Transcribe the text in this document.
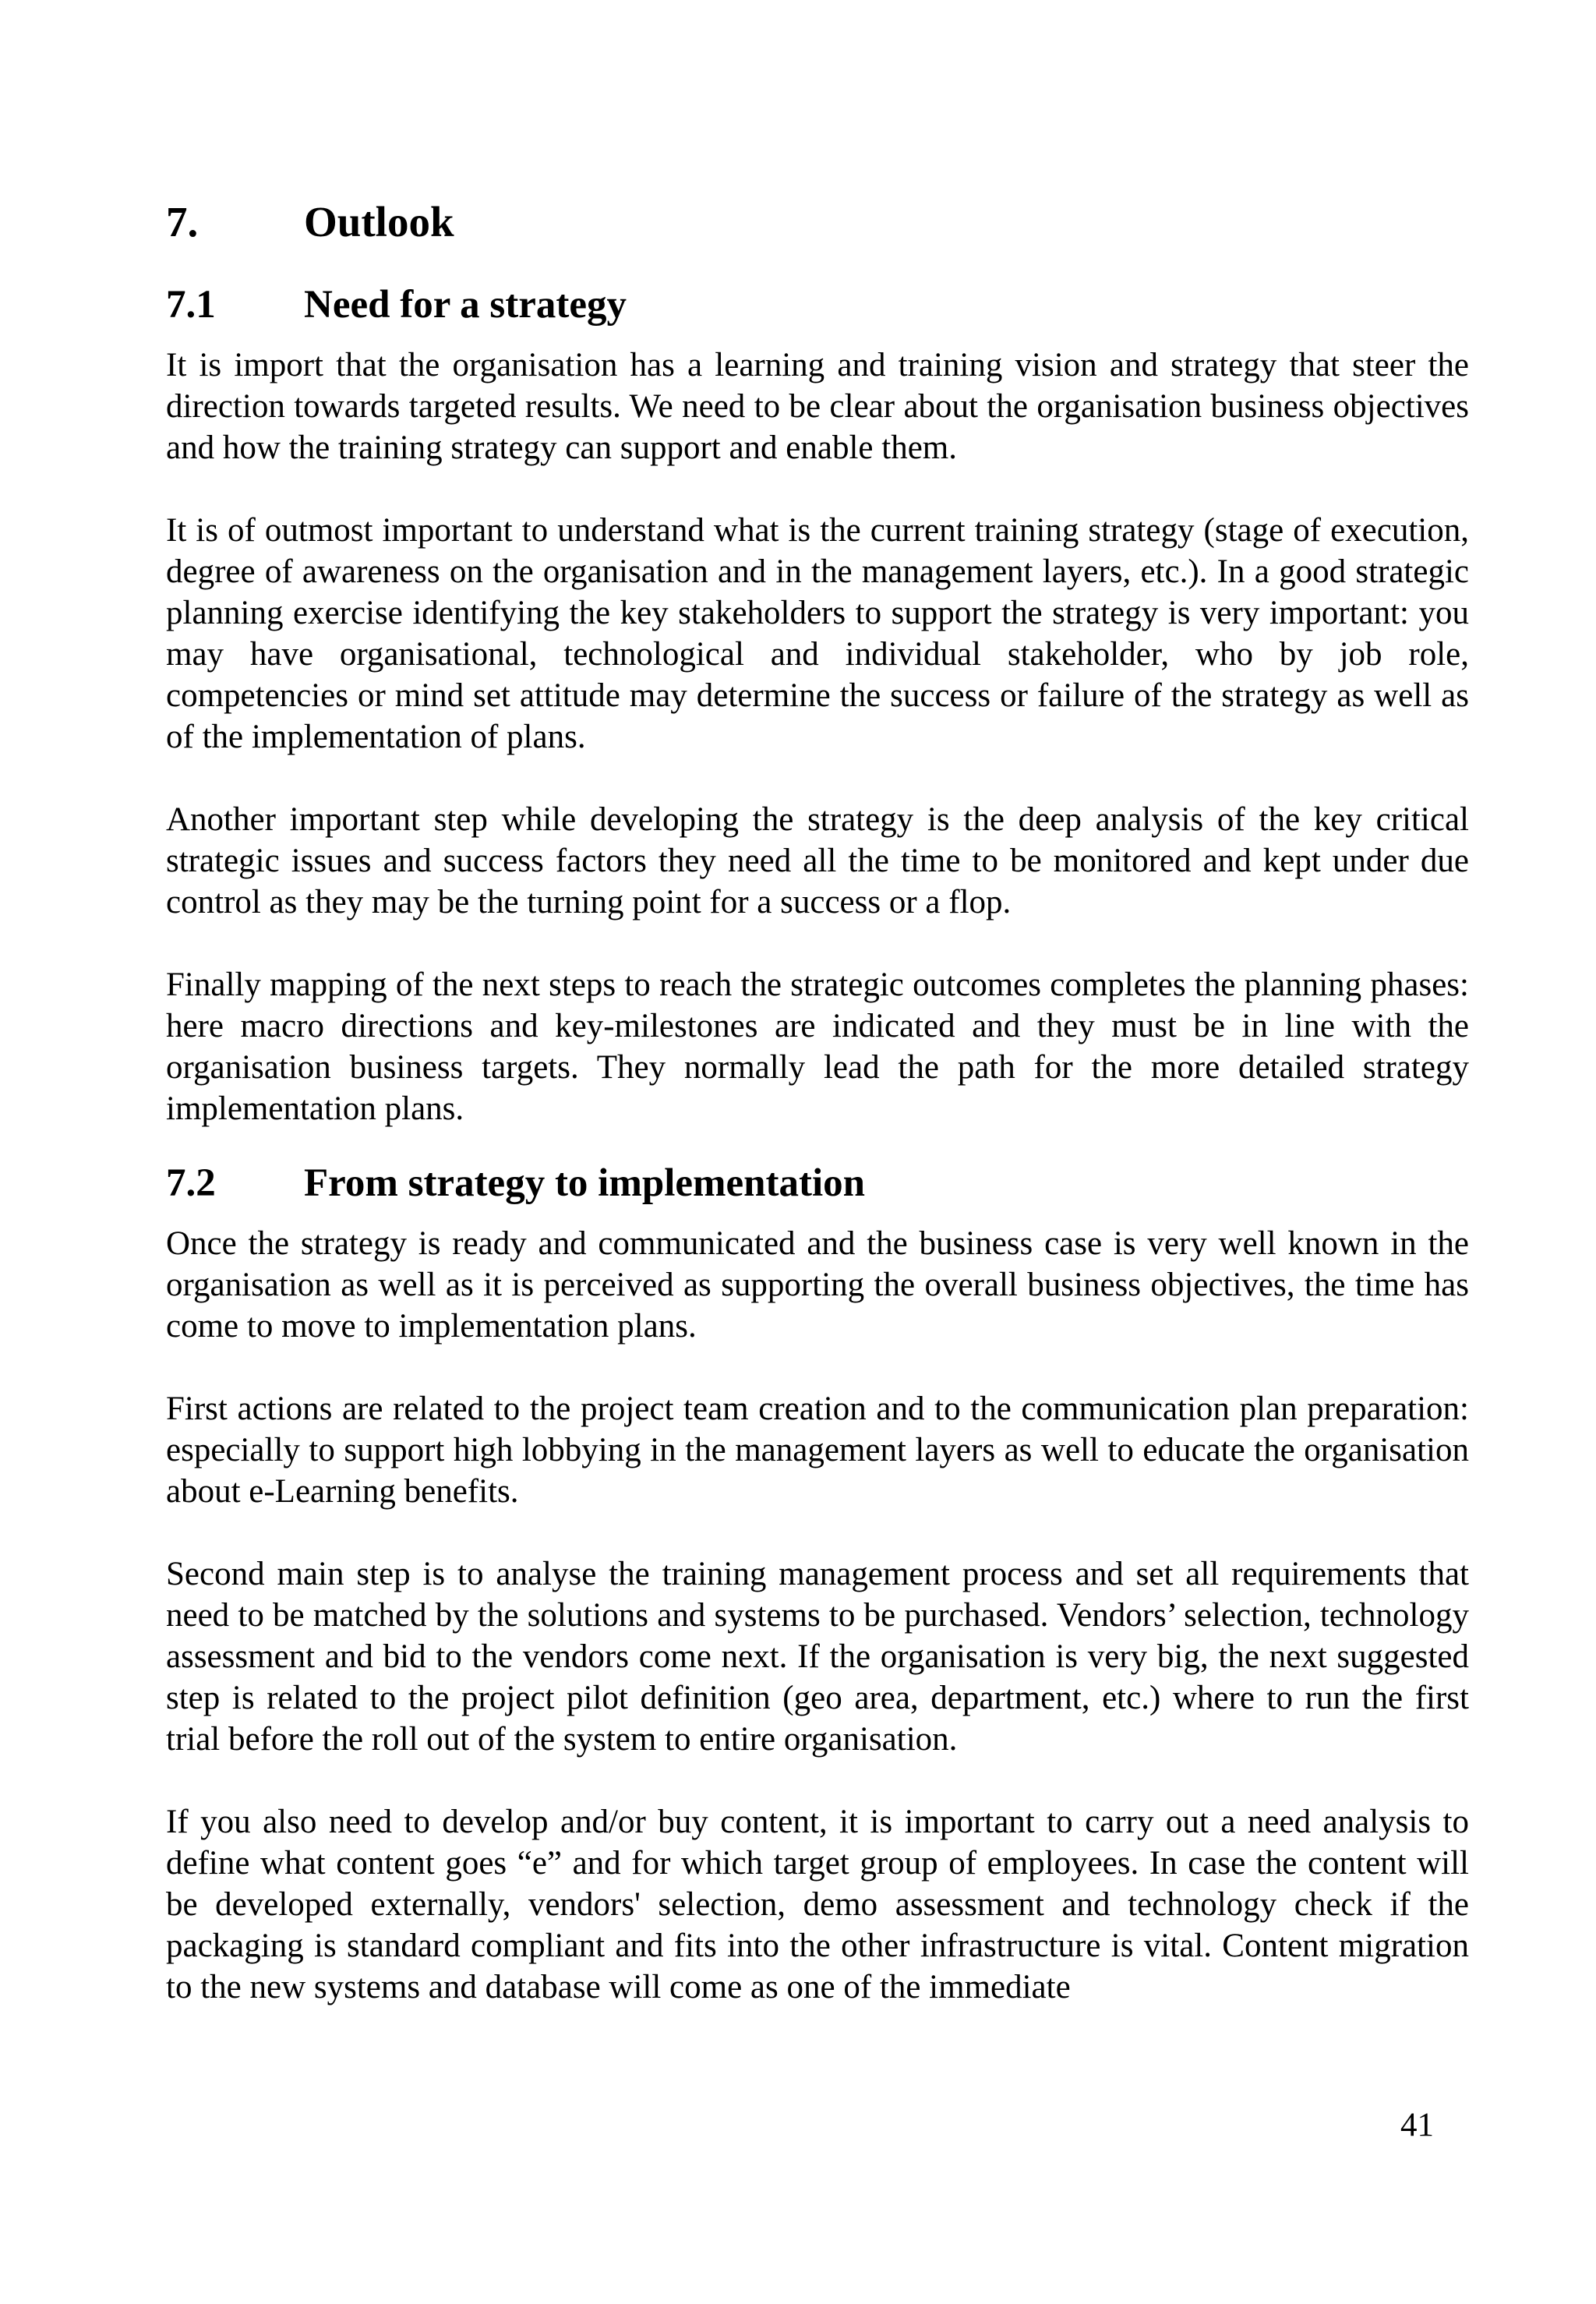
7. Outlook
7.1 Need for a strategy

It is import that the organisation has a learning and training vision and strategy that steer the direction towards targeted results. We need to be clear about the organisation business objectives and how the training strategy can support and enable them.

It is of outmost important to understand what is the current training strategy (stage of execution, degree of awareness on the organisation and in the management layers, etc.). In a good strategic planning exercise identifying the key stakeholders to support the strategy is very important: you may have organisational, technological and individual stakeholder, who by job role, competencies or mind set attitude may determine the success or failure of the strategy as well as of the implementation of plans.

Another important step while developing the strategy is the deep analysis of the key critical strategic issues and success factors they need all the time to be monitored and kept under due control as they may be the turning point for a success or a flop.

Finally mapping of the next steps to reach the strategic outcomes completes the planning phases: here macro directions and key-milestones are indicated and they must be in line with the organisation business targets. They normally lead the path for the more detailed strategy implementation plans.

7.2 From strategy to implementation

Once the strategy is ready and communicated and the business case is very well known in the organisation as well as it is perceived as supporting the overall business objectives, the time has come to move to implementation plans.

First actions are related to the project team creation and to the communication plan preparation: especially to support high lobbying in the management layers as well to educate the organisation about e-Learning benefits.

Second main step is to analyse the training management process and set all requirements that need to be matched by the solutions and systems to be purchased. Vendors’ selection, technology assessment and bid to the vendors come next. If the organisation is very big, the next suggested step is related to the project pilot definition (geo area, department, etc.) where to run the first trial before the roll out of the system to entire organisation.

If you also need to develop and/or buy content, it is important to carry out a need analysis to define what content goes “e” and for which target group of employees. In case the content will be developed externally, vendors' selection, demo assessment and technology check if the packaging is standard compliant and fits into the other infrastructure is vital. Content migration to the new systems and database will come as one of the immediate

41
